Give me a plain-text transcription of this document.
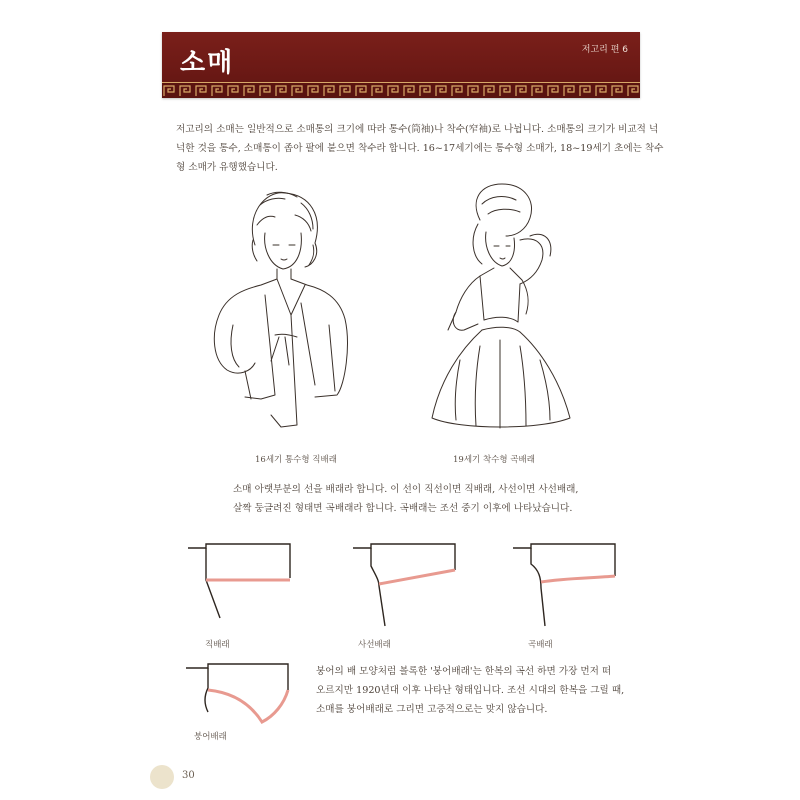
소매	저고리 편 6
저고리의 소매는 일반적으로 소매통의 크기에 따라 통수(筒袖)나 착수(窄袖)로 나뉩니다. 소매통의 크기가 비교적 넉
넉한 것을 통수, 소매통이 좁아 팔에 붙으면 착수라 합니다. 16~17세기에는 통수형 소매가, 18~19세기 초에는 착수
형 소매가 유행했습니다.
16세기 통수형 직배래	19세기 착수형 곡배래
소매 아랫부분의 선을 배래라 합니다. 이 선이 직선이면 직배래, 사선이면 사선배래,
살짝 둥글려진 형태면 곡배래라 합니다. 곡배래는 조선 중기 이후에 나타났습니다.
직배래	사선배래	곡배래
붕어배래
붕어의 배 모양처럼 볼록한 '붕어배래'는 한복의 곡선 하면 가장 먼저 떠
오르지만 1920년대 이후 나타난 형태입니다. 조선 시대의 한복을 그릴 때,
소매를 붕어배래로 그리면 고증적으로는 맞지 않습니다.
30
